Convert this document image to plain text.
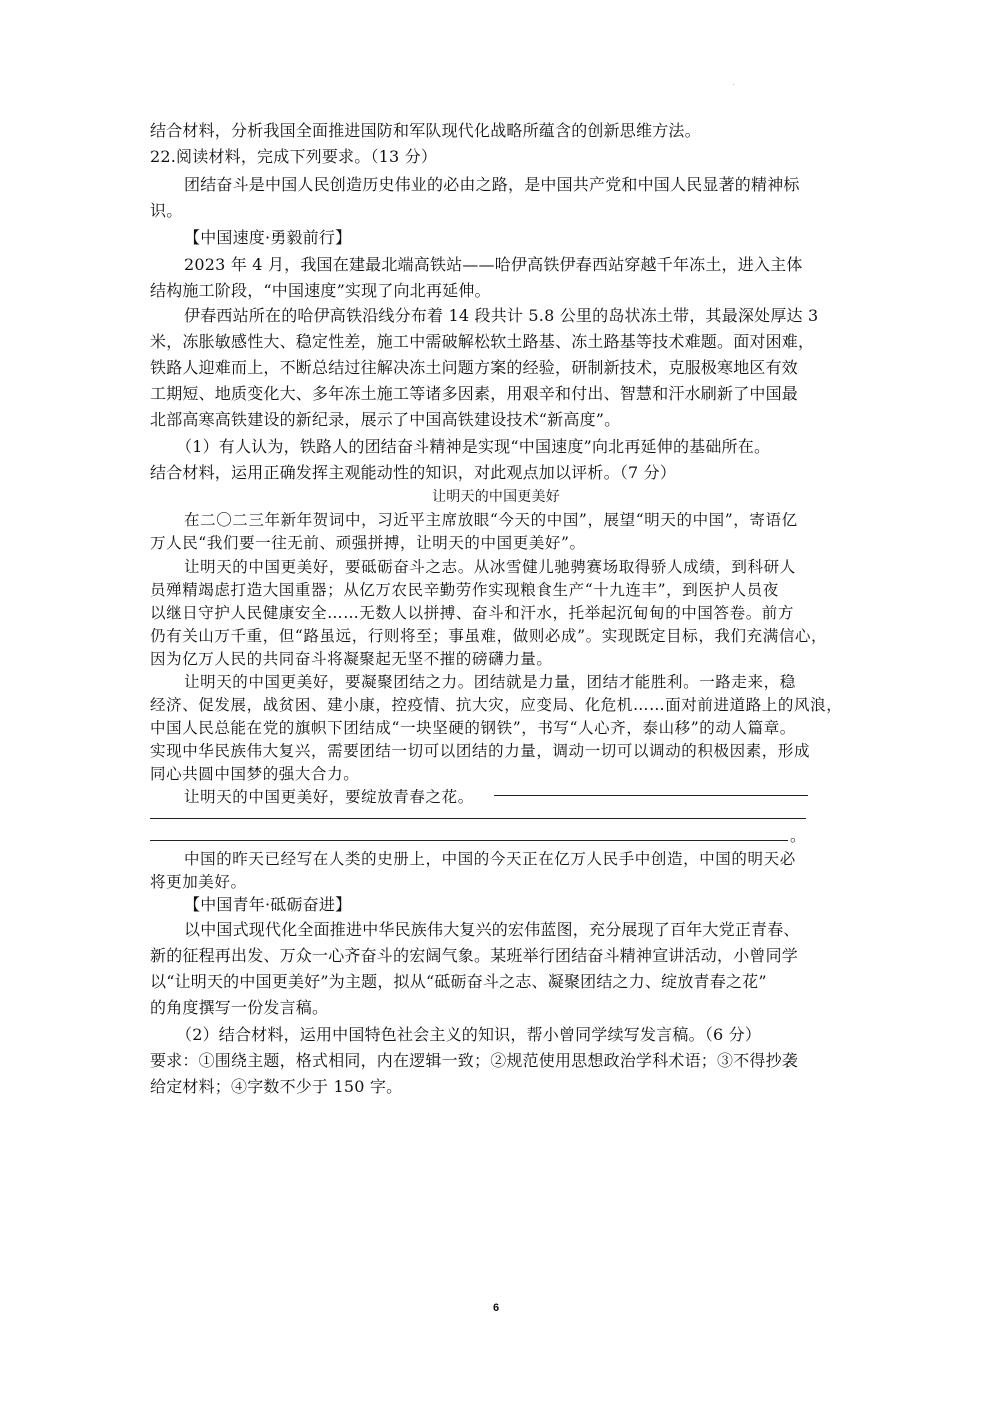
·
结合材料，分析我国全面推进国防和军队现代化战略所蕴含的创新思维方法。
22.阅读材料，完成下列要求。（13 分）
团结奋斗是中国人民创造历史伟业的必由之路，是中国共产党和中国人民显著的精神标
识。
【中国速度·勇毅前行】
2023 年 4 月，我国在建最北端高铁站——哈伊高铁伊春西站穿越千年冻土，进入主体
结构施工阶段，“中国速度”实现了向北再延伸。
伊春西站所在的哈伊高铁沿线分布着 14 段共计 5.8 公里的岛状冻土带，其最深处厚达 3
米，冻胀敏感性大、稳定性差，施工中需破解松软土路基、冻土路基等技术难题。面对困难，
铁路人迎难而上，不断总结过往解决冻土问题方案的经验，研制新技术，克服极寒地区有效
工期短、地质变化大、多年冻土施工等诸多因素，用艰辛和付出、智慧和汗水刷新了中国最
北部高寒高铁建设的新纪录，展示了中国高铁建设技术“新高度”。
（1）有人认为，铁路人的团结奋斗精神是实现“中国速度”向北再延伸的基础所在。
结合材料，运用正确发挥主观能动性的知识，对此观点加以评析。（7 分）
让明天的中国更美好
在二〇二三年新年贺词中，习近平主席放眼“今天的中国”，展望“明天的中国”，寄语亿
万人民“我们要一往无前、顽强拼搏，让明天的中国更美好”。
让明天的中国更美好，要砥砺奋斗之志。从冰雪健儿驰骋赛场取得骄人成绩，到科研人
员殚精竭虑打造大国重器；从亿万农民辛勤劳作实现粮食生产“十九连丰”，到医护人员夜
以继日守护人民健康安全……无数人以拼搏、奋斗和汗水，托举起沉甸甸的中国答卷。前方
仍有关山万千重，但“路虽远，行则将至；事虽难，做则必成”。实现既定目标，我们充满信心，
因为亿万人民的共同奋斗将凝聚起无坚不摧的磅礴力量。
让明天的中国更美好，要凝聚团结之力。团结就是力量，团结才能胜利。一路走来，稳
经济、促发展，战贫困、建小康，控疫情、抗大灾，应变局、化危机……面对前进道路上的风浪，
中国人民总能在党的旗帜下团结成“一块坚硬的钢铁”，书写“人心齐，泰山移”的动人篇章。
实现中华民族伟大复兴，需要团结一切可以团结的力量，调动一切可以调动的积极因素，形成
同心共圆中国梦的强大合力。
让明天的中国更美好，要绽放青春之花。
。
中国的昨天已经写在人类的史册上，中国的今天正在亿万人民手中创造，中国的明天必
将更加美好。
【中国青年·砥砺奋进】
以中国式现代化全面推进中华民族伟大复兴的宏伟蓝图，充分展现了百年大党正青春、
新的征程再出发、万众一心齐奋斗的宏阔气象。某班举行团结奋斗精神宣讲活动，小曾同学
以“让明天的中国更美好”为主题，拟从“砥砺奋斗之志、凝聚团结之力、绽放青春之花”
的角度撰写一份发言稿。
（2）结合材料，运用中国特色社会主义的知识，帮小曾同学续写发言稿。（6 分）
要求：①围绕主题，格式相同，内在逻辑一致；②规范使用思想政治学科术语；③不得抄袭
给定材料；④字数不少于 150 字。
6
